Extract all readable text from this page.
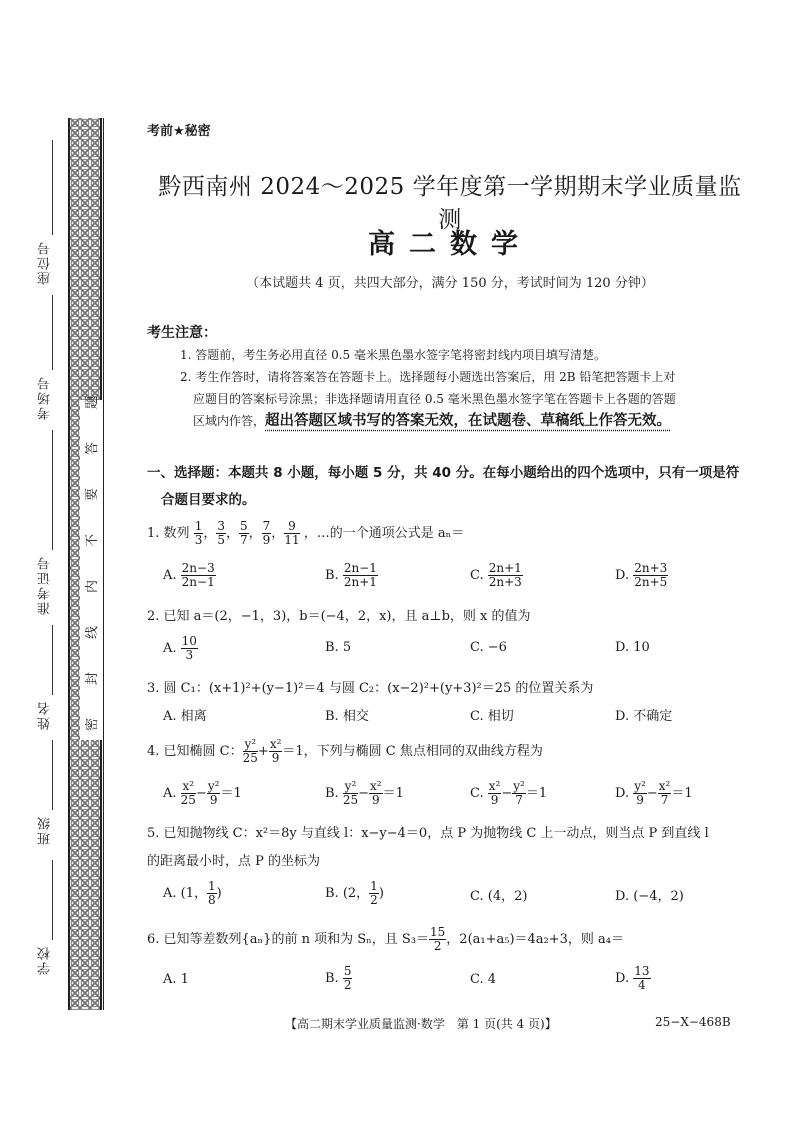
座位号
考场号
准考证号
姓名
班级
学校
密
封
线
内
不
要
答
题
考前★秘密
黔西南州 2024～2025 学年度第一学期期末学业质量监测
高二数学
（本试题共 4 页，共四大部分，满分 150 分，考试时间为 120 分钟）
考生注意：
1. 答题前，考生务必用直径 0.5 毫米黑色墨水签字笔将密封线内项目填写清楚。
2. 考生作答时，请将答案答在答题卡上。选择题每小题选出答案后，用 2B 铅笔把答题卡上对
应题目的答案标号涂黑；非选择题请用直径 0.5 毫米黑色墨水签字笔在答题卡上各题的答题
区域内作答，超出答题区域书写的答案无效，在试题卷、草稿纸上作答无效。
一、选择题：本题共 8 小题，每小题 5 分，共 40 分。在每小题给出的四个选项中，只有一项是符
合题目要求的。
1. 数列 $\frac{1}{3}$ ， $\frac{3}{5}$ ， $\frac{5}{7}$ ， $\frac{7}{9}$ ， $\frac{9}{11}$ ，…的一个通项公式是 aₙ＝
A. $\frac{2n-3}{2n-1}$	B. $\frac{2n-1}{2n+1}$	C. $\frac{2n+1}{2n+3}$	D. $\frac{2n+3}{2n+5}$
2. 已知 a＝(2，−1，3)，b＝(−4，2，x)，且 a⊥b，则 x 的值为
A. $\frac{10}{3}$	B. 5	C. −6	D. 10
3. 圆 C₁：(x+1)²+(y−1)²＝4 与圆 C₂：(x−2)²+(y+3)²＝25 的位置关系为
A. 相离	B. 相交	C. 相切	D. 不确定
4. 已知椭圆 C： $\frac{\text{y²}}{25} + \frac{\text{x²}}{9} =1$，下列与椭圆 C 焦点相同的双曲线方程为
A. $\frac{\text{x²}}{25} - \frac{\text{y²}}{9} =1$	B. $\frac{\text{y²}}{25} - \frac{\text{x²}}{9} =1$	C. $\frac{\text{x²}}{9} - \frac{\text{y²}}{7} =1$	D. $\frac{\text{y²}}{9} - \frac{\text{x²}}{7} =1$
5. 已知抛物线 C：x²＝8y 与直线 l：x−y−4＝0，点 P 为抛物线 C 上一动点，则当点 P 到直线 l
的距离最小时，点 P 的坐标为
A. (1， $\frac{1}{8}$ )	B. (2， $\frac{1}{2}$ )	C. (4，2)	D. (−4，2)
6. 已知等差数列{aₙ}的前 n 项和为 Sₙ，且 $S_3= \frac{15}{2}$ ，2(a₁+a₅)＝4a₂+3，则 a₄＝
A. 1	B. $\frac{5}{2}$	C. 4	D. $\frac{13}{4}$
【高二期末学业质量监测·数学　第 1 页(共 4 页)】	25−X−468B
